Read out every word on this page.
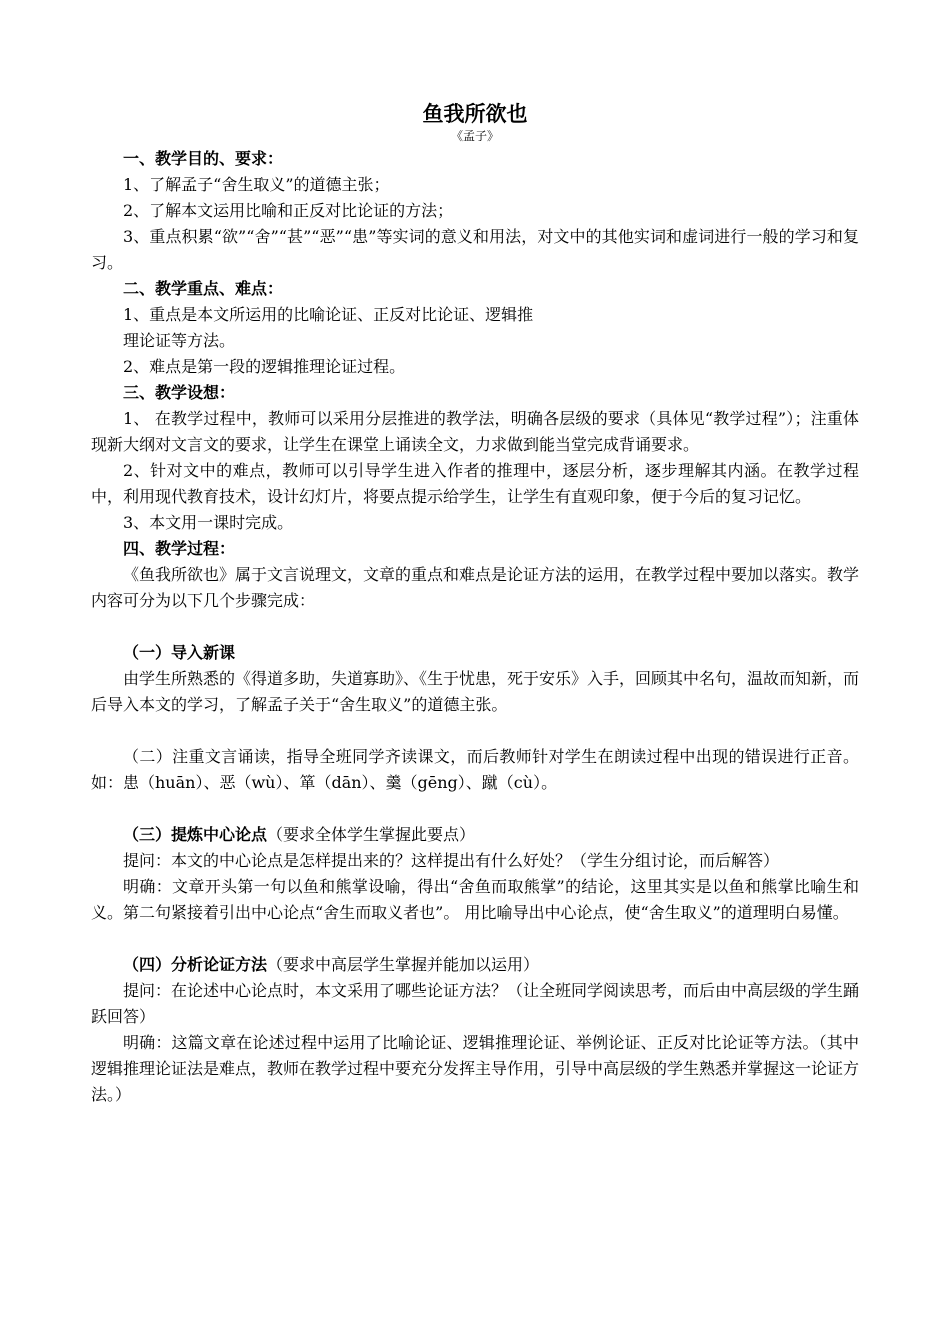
鱼我所欲也

《孟子》

一、教学目的、要求：

1、了解孟子“舍生取义”的道德主张；

2、了解本文运用比喻和正反对比论证的方法；

3、重点积累“欲”“舍”“甚”“恶”“患”等实词的意义和用法，对文中的其他实词和虚词进行一般的学习和复习。

二、教学重点、难点：

1、重点是本文所运用的比喻论证、正反对比论证、逻辑推

理论证等方法。

2、难点是第一段的逻辑推理论证过程。

三、教学设想：

1、 在教学过程中，教师可以采用分层推进的教学法，明确各层级的要求（具体见“教学过程”）；注重体现新大纲对文言文的要求，让学生在课堂上诵读全文，力求做到能当堂完成背诵要求。

2、针对文中的难点，教师可以引导学生进入作者的推理中，逐层分析，逐步理解其内涵。在教学过程中，利用现代教育技术，设计幻灯片，将要点提示给学生，让学生有直观印象，便于今后的复习记忆。

3、本文用一课时完成。

四、教学过程：

《鱼我所欲也》属于文言说理文，文章的重点和难点是论证方法的运用，在教学过程中要加以落实。教学内容可分为以下几个步骤完成：

（一）导入新课

由学生所熟悉的《得道多助，失道寡助》、《生于忧患，死于安乐》入手，回顾其中名句，温故而知新，而后导入本文的学习，了解孟子关于“舍生取义”的道德主张。

（二）注重文言诵读，指导全班同学齐读课文，而后教师针对学生在朗读过程中出现的错误进行正音。如：患（huān）、恶（wù）、箪（dān）、羹（gēng）、蹴（cù）。

（三）提炼中心论点（要求全体学生掌握此要点）

提问：本文的中心论点是怎样提出来的？这样提出有什么好处？（学生分组讨论，而后解答）

明确：文章开头第一句以鱼和熊掌设喻，得出“舍鱼而取熊掌”的结论，这里其实是以鱼和熊掌比喻生和义。第二句紧接着引出中心论点“舍生而取义者也”。 用比喻导出中心论点，使“舍生取义”的道理明白易懂。

（四）分析论证方法（要求中高层学生掌握并能加以运用）

提问：在论述中心论点时，本文采用了哪些论证方法？（让全班同学阅读思考，而后由中高层级的学生踊跃回答）

明确：这篇文章在论述过程中运用了比喻论证、逻辑推理论证、举例论证、正反对比论证等方法。（其中逻辑推理论证法是难点，教师在教学过程中要充分发挥主导作用，引导中高层级的学生熟悉并掌握这一论证方法。）
